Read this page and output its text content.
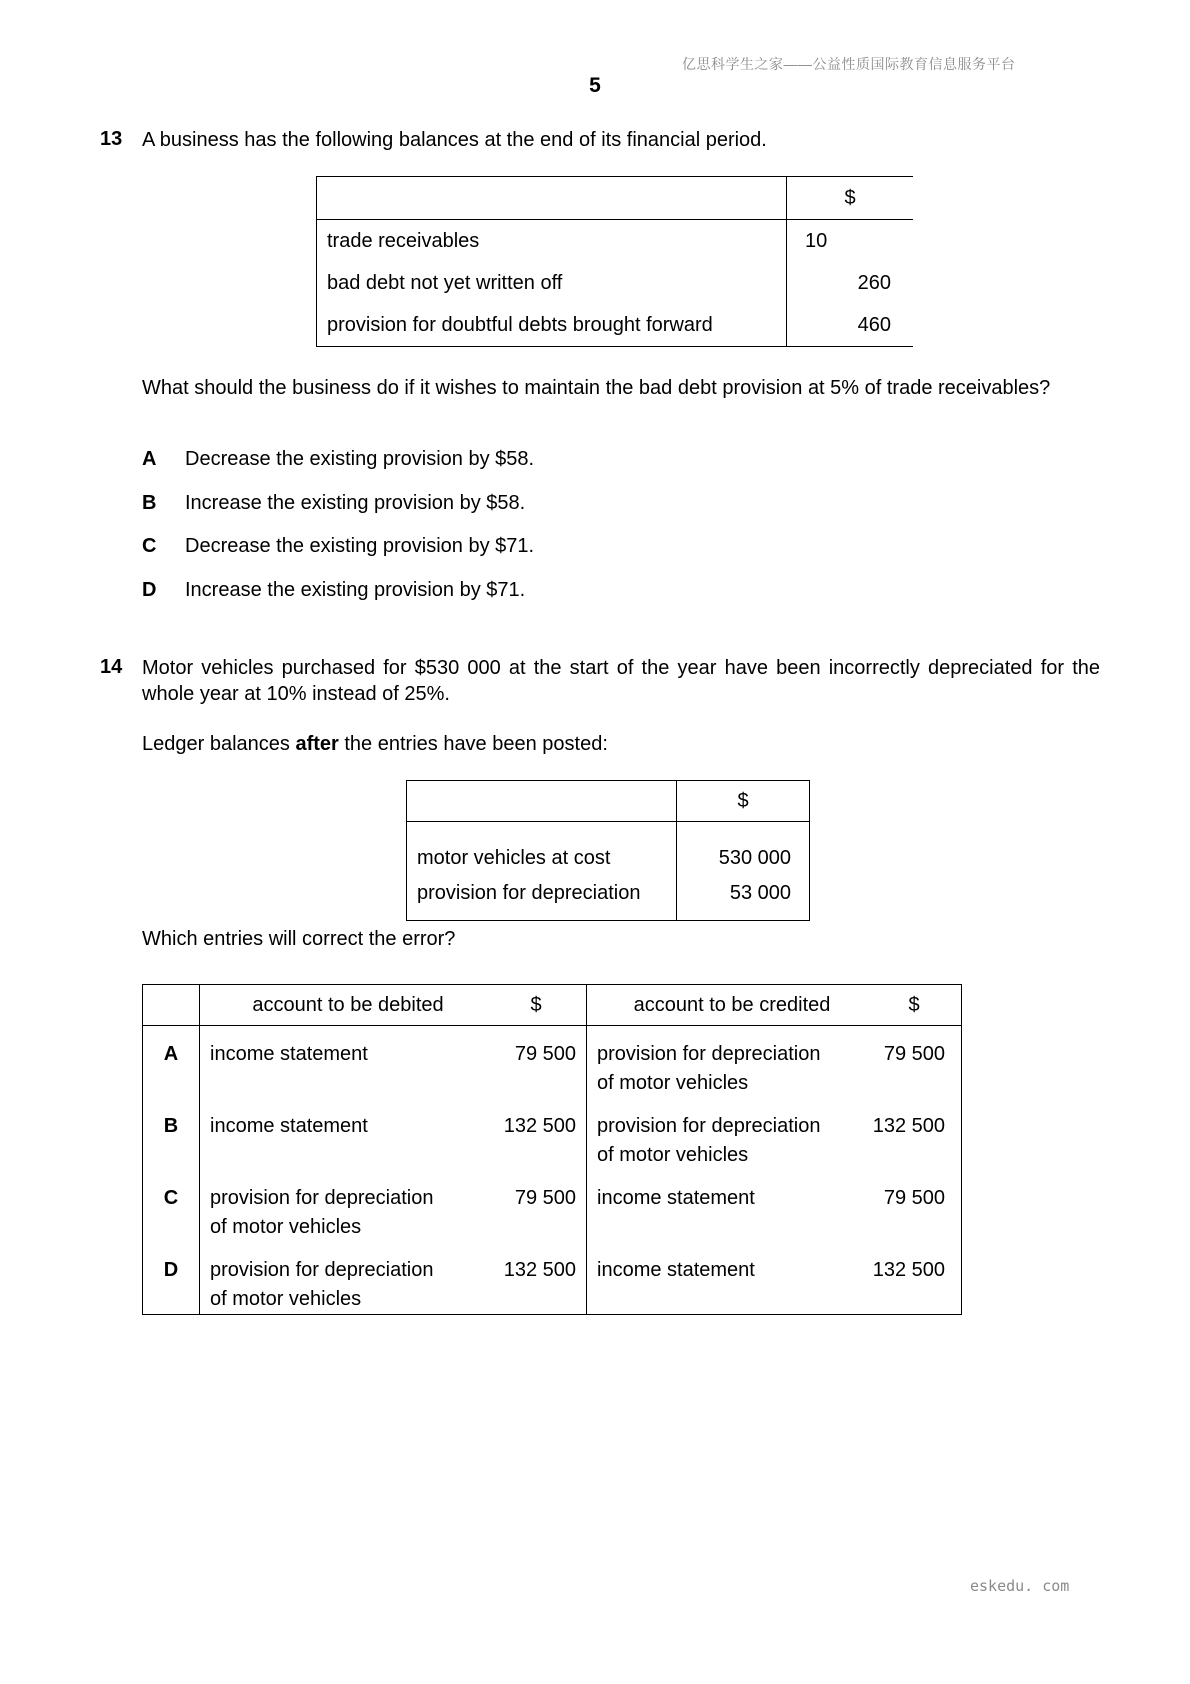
亿思科学生之家——公益性质国际教育信息服务平台
5
13 A business has the following balances at the end of its financial period.
	$
trade receivables	10
bad debt not yet written off	260
provision for doubtful debts brought forward	460
What should the business do if it wishes to maintain the bad debt provision at 5% of trade receivables?
A Decrease the existing provision by $58.
B Increase the existing provision by $58.
C Decrease the existing provision by $71.
D Increase the existing provision by $71.
14 Motor vehicles purchased for $530 000 at the start of the year have been incorrectly depreciated for the whole year at 10% instead of 25%.
Ledger balances after the entries have been posted:
	$
motor vehicles at cost	530 000
provision for depreciation	53 000
Which entries will correct the error?
	account to be debited	$	account to be credited	$
A	income statement	79 500	provision for depreciation
of motor vehicles	79 500
B	income statement	132 500	provision for depreciation
of motor vehicles	132 500
C	provision for depreciation
of motor vehicles	79 500	income statement	79 500
D	provision for depreciation
of motor vehicles	132 500	income statement	132 500
eskedu. com
